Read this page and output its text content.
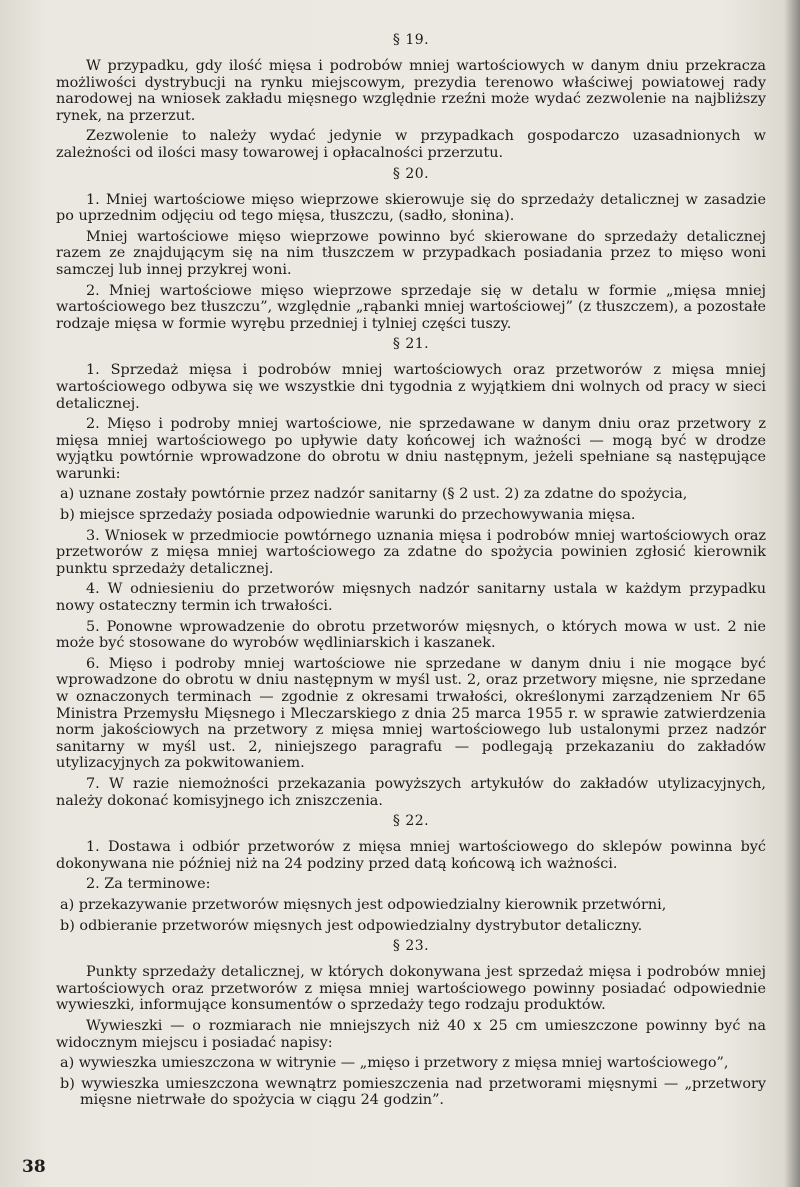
§ 19.

W przypadku, gdy ilość mięsa i podrobów mniej wartościowych w danym dniu przekracza możliwości dystrybucji na rynku miejscowym, prezydia terenowo właściwej powiatowej rady narodowej na wniosek zakładu mięsnego względnie rzeźni może wydać zezwolenie na najbliższy rynek, na przerzut.

Zezwolenie to należy wydać jedynie w przypadkach gospodarczo uzasadnionych w zależności od ilości masy towarowej i opłacalności przerzutu.

§ 20.

1. Mniej wartościowe mięso wieprzowe skierowuje się do sprzedaży detalicznej w zasadzie po uprzednim odjęciu od tego mięsa, tłuszczu, (sadło, słonina).

Mniej wartościowe mięso wieprzowe powinno być skierowane do sprzedaży detalicznej razem ze znajdującym się na nim tłuszczem w przypadkach posiadania przez to mięso woni samczej lub innej przykrej woni.

2. Mniej wartościowe mięso wieprzowe sprzedaje się w detalu w formie „mięsa mniej wartościowego bez tłuszczu”, względnie „rąbanki mniej wartościowej” (z tłuszczem), a pozostałe rodzaje mięsa w formie wyrębu przedniej i tylniej części tuszy.

§ 21.

1. Sprzedaż mięsa i podrobów mniej wartościowych oraz przetworów z mięsa mniej wartościowego odbywa się we wszystkie dni tygodnia z wyjątkiem dni wolnych od pracy w sieci detalicznej.

2. Mięso i podroby mniej wartościowe, nie sprzedawane w danym dniu oraz przetwory z mięsa mniej wartościowego po upływie daty końcowej ich ważności — mogą być w drodze wyjątku powtórnie wprowadzone do obrotu w dniu następnym, jeżeli spełniane są następujące warunki:

a) uznane zostały powtórnie przez nadzór sanitarny (§ 2 ust. 2) za zdatne do spożycia,

b) miejsce sprzedaży posiada odpowiednie warunki do przechowywania mięsa.

3. Wniosek w przedmiocie powtórnego uznania mięsa i podrobów mniej wartościowych oraz przetworów z mięsa mniej wartościowego za zdatne do spożycia powinien zgłosić kierownik punktu sprzedaży detalicznej.

4. W odniesieniu do przetworów mięsnych nadzór sanitarny ustala w każdym przypadku nowy ostateczny termin ich trwałości.

5. Ponowne wprowadzenie do obrotu przetworów mięsnych, o których mowa w ust. 2 nie może być stosowane do wyrobów wędliniarskich i kaszanek.

6. Mięso i podroby mniej wartościowe nie sprzedane w danym dniu i nie mogące być wprowadzone do obrotu w dniu następnym w myśl ust. 2, oraz przetwory mięsne, nie sprzedane w oznaczonych terminach — zgodnie z okresami trwałości, określonymi zarządzeniem Nr 65 Ministra Przemysłu Mięsnego i Mleczarskiego z dnia 25 marca 1955 r. w sprawie zatwierdzenia norm jakościowych na przetwory z mięsa mniej wartościowego lub ustalonymi przez nadzór sanitarny w myśl ust. 2, niniejszego paragrafu — podlegają przekazaniu do zakładów utylizacyjnych za pokwitowaniem.

7. W razie niemożności przekazania powyższych artykułów do zakładów utylizacyjnych, należy dokonać komisyjnego ich zniszczenia.

§ 22.

1. Dostawa i odbiór przetworów z mięsa mniej wartościowego do sklepów powinna być dokonywana nie później niż na 24 podziny przed datą końcową ich ważności.

2. Za terminowe:

a) przekazywanie przetworów mięsnych jest odpowiedzialny kierownik przetwórni,

b) odbieranie przetworów mięsnych jest odpowiedzialny dystrybutor detaliczny.

§ 23.

Punkty sprzedaży detalicznej, w których dokonywana jest sprzedaż mięsa i podrobów mniej wartościowych oraz przetworów z mięsa mniej wartościowego powinny posiadać odpowiednie wywieszki, informujące konsumentów o sprzedaży tego rodzaju produktów.

Wywieszki — o rozmiarach nie mniejszych niż 40 x 25 cm umieszczone powinny być na widocznym miejscu i posiadać napisy:

a) wywieszka umieszczona w witrynie — „mięso i przetwory z mięsa mniej wartościowego”,

b) wywieszka umieszczona wewnątrz pomieszczenia nad przetworami mięsnymi — „przetwory mięsne nietrwałe do spożycia w ciągu 24 godzin”.

38
